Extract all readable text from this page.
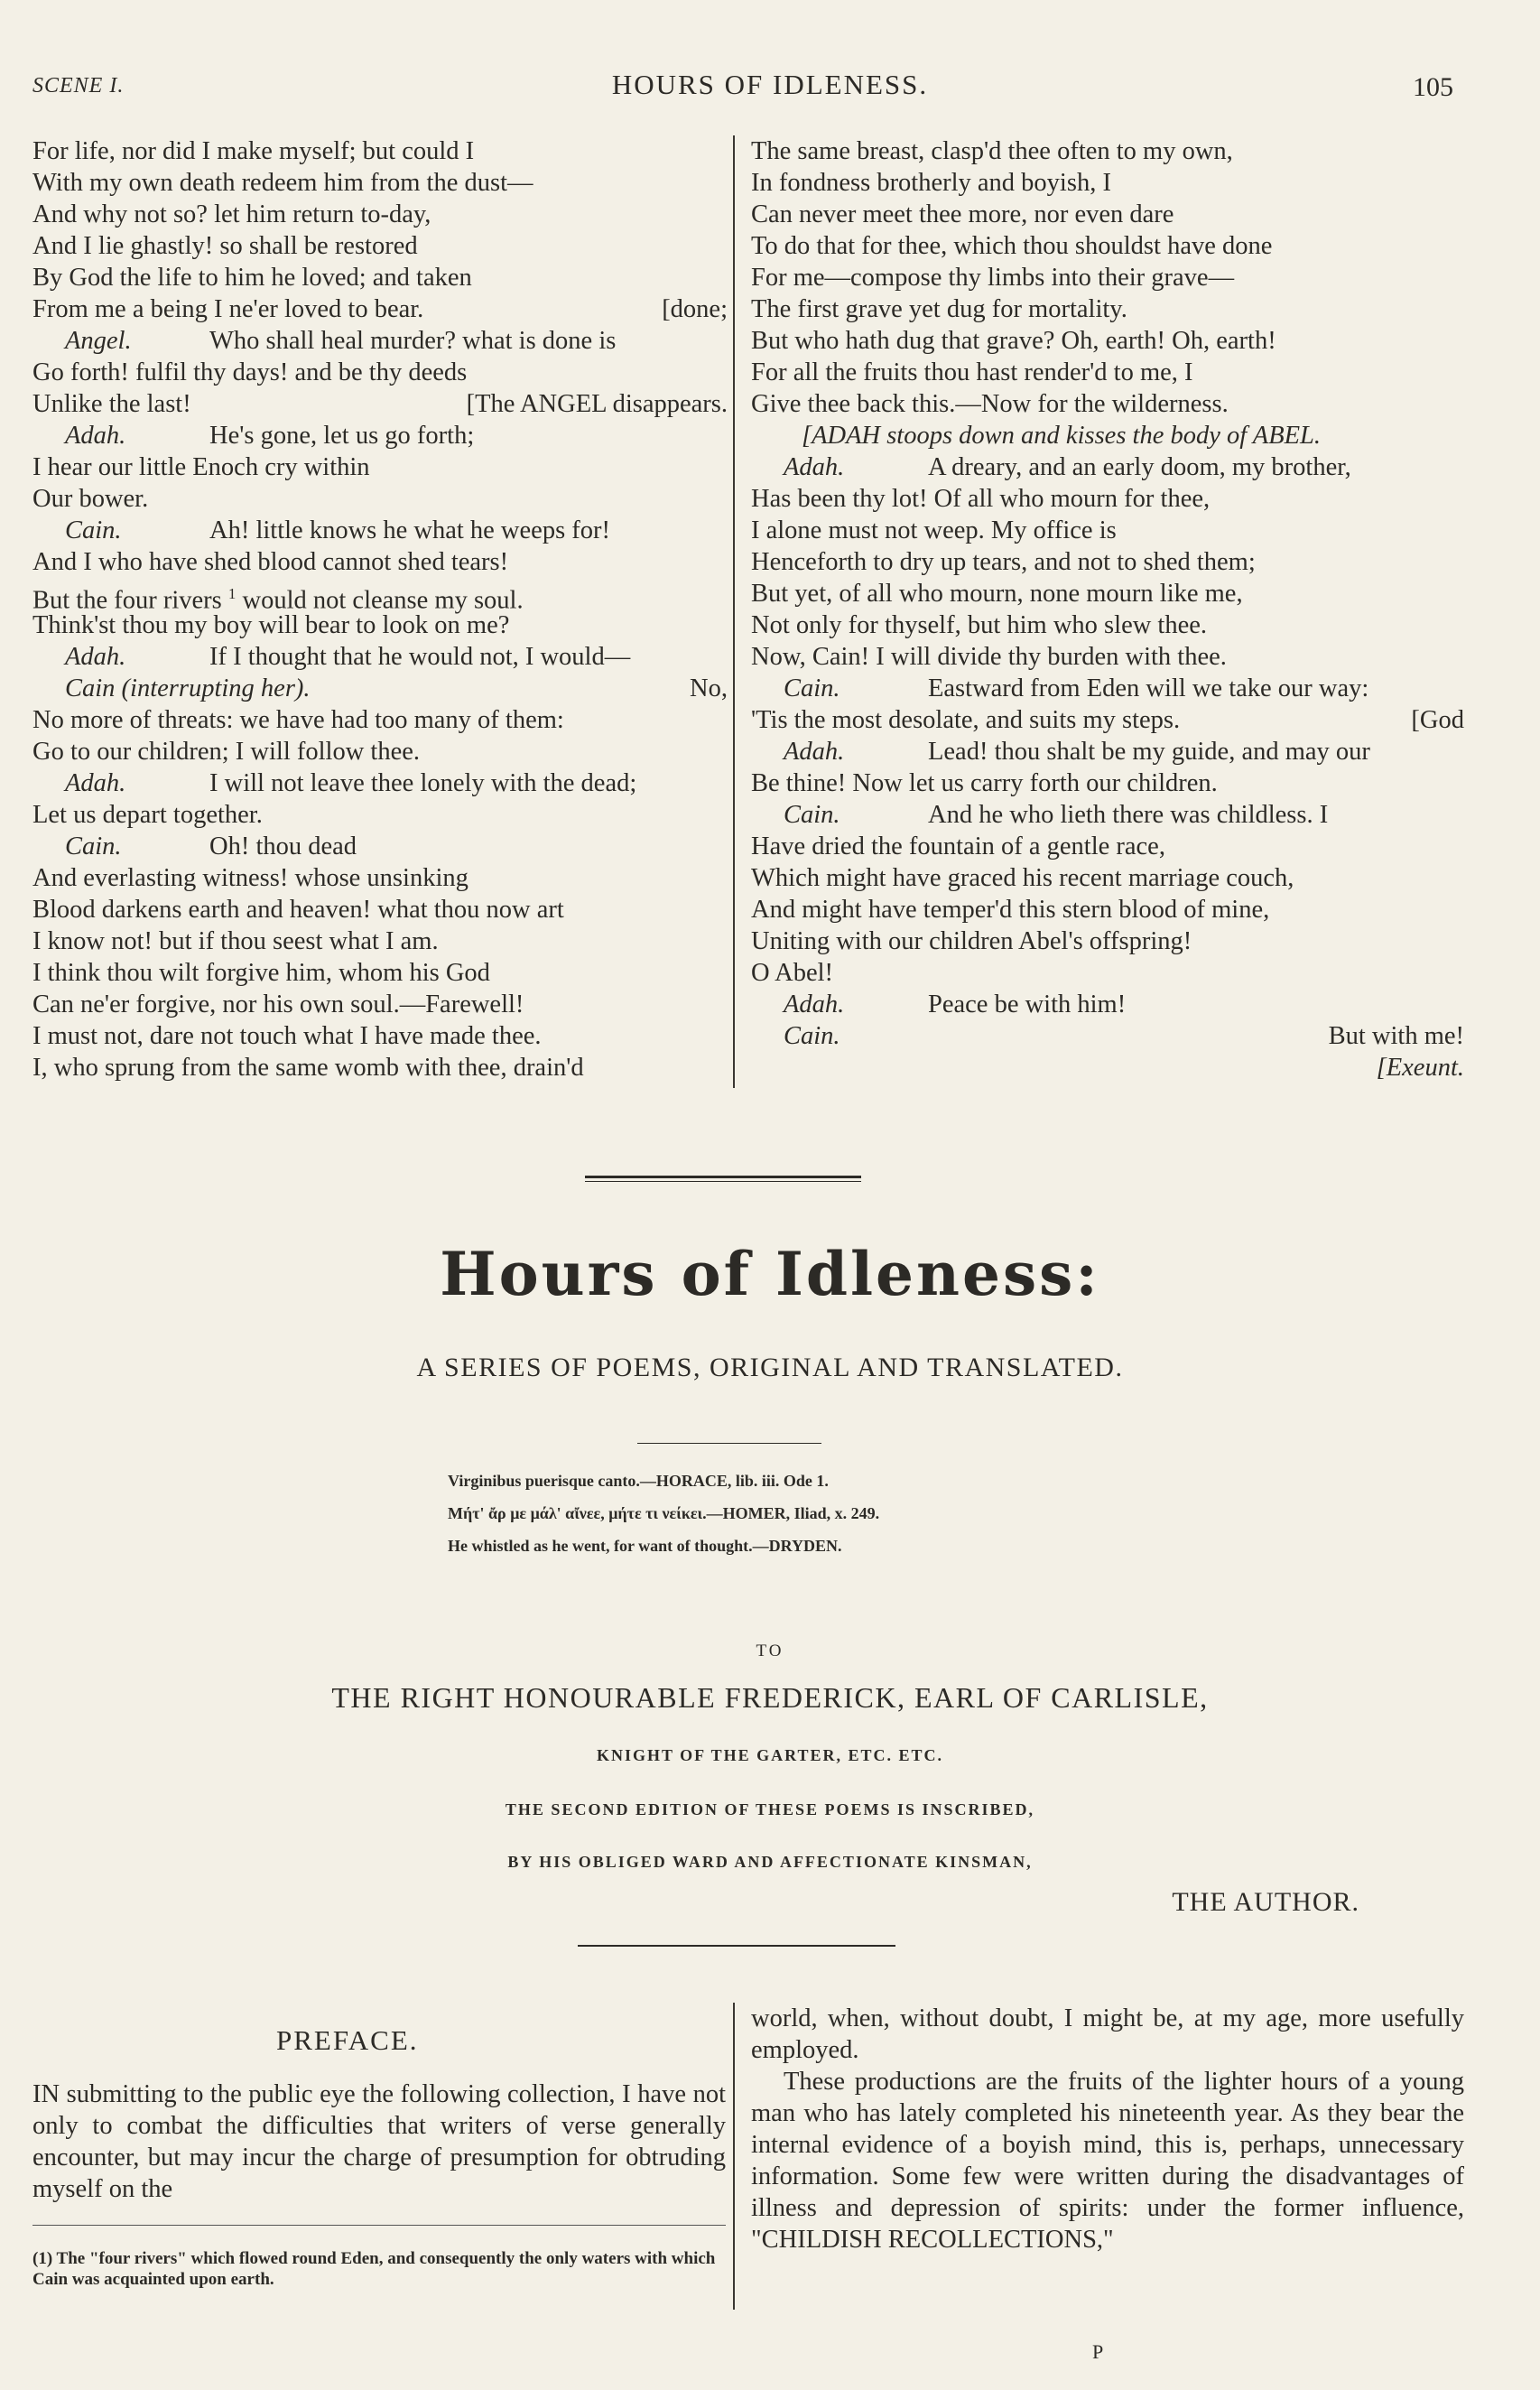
SCENE I.	HOURS OF IDLENESS.	105
For life, nor did I make myself; but could I
With my own death redeem him from the dust—
And why not so? let him return to-day,
And I lie ghastly! so shall be restored
By God the life to him he loved; and taken
From me a being I ne'er loved to bear.	[done;
Angel.	Who shall heal murder? what is done is
Go forth! fulfil thy days! and be thy deeds
Unlike the last!	[The ANGEL disappears.
Adah.	He's gone, let us go forth;
I hear our little Enoch cry within
Our bower.
Cain.	Ah! little knows he what he weeps for!
And I who have shed blood cannot shed tears!
But the four rivers $^1$ would not cleanse my soul.
Think'st thou my boy will bear to look on me?
Adah.	If I thought that he would not, I would—
Cain (interrupting her).	No,
No more of threats: we have had too many of them:
Go to our children; I will follow thee.
Adah.	I will not leave thee lonely with the dead;
Let us depart together.
Cain.	Oh! thou dead
And everlasting witness! whose unsinking
Blood darkens earth and heaven! what thou now art
I know not! but if thou seest what I am.
I think thou wilt forgive him, whom his God
Can ne'er forgive, nor his own soul.—Farewell!
I must not, dare not touch what I have made thee.
I, who sprung from the same womb with thee, drain'd
The same breast, clasp'd thee often to my own,
In fondness brotherly and boyish, I
Can never meet thee more, nor even dare
To do that for thee, which thou shouldst have done
For me—compose thy limbs into their grave—
The first grave yet dug for mortality.
But who hath dug that grave? Oh, earth! Oh, earth!
For all the fruits thou hast render'd to me, I
Give thee back this.—Now for the wilderness.
[ADAH stoops down and kisses the body of ABEL.
Adah.	A dreary, and an early doom, my brother,
Has been thy lot! Of all who mourn for thee,
I alone must not weep. My office is
Henceforth to dry up tears, and not to shed them;
But yet, of all who mourn, none mourn like me,
Not only for thyself, but him who slew thee.
Now, Cain! I will divide thy burden with thee.
Cain.	Eastward from Eden will we take our way:
'Tis the most desolate, and suits my steps.	[God
Adah.	Lead! thou shalt be my guide, and may our
Be thine! Now let us carry forth our children.
Cain.	And he who lieth there was childless. I
Have dried the fountain of a gentle race,
Which might have graced his recent marriage couch,
And might have temper'd this stern blood of mine,
Uniting with our children Abel's offspring!
O Abel!
Adah.	Peace be with him!
Cain.	But with me!
[Exeunt.
Hours of Idleness:
A SERIES OF POEMS, ORIGINAL AND TRANSLATED.
Virginibus puerisque canto.—HORACE, lib. iii. Ode 1.
Μήτ' ἄρ με μάλ' αἴνεε, μήτε τι νείκει.—HOMER, Iliad, x. 249.
He whistled as he went, for want of thought.—DRYDEN.
TO
THE RIGHT HONOURABLE FREDERICK, EARL OF CARLISLE,
KNIGHT OF THE GARTER, ETC. ETC.
THE SECOND EDITION OF THESE POEMS IS INSCRIBED,
BY HIS OBLIGED WARD AND AFFECTIONATE KINSMAN,
THE AUTHOR.
PREFACE.
IN submitting to the public eye the following collection, I have not only to combat the difficulties that writers of verse generally encounter, but may incur the charge of presumption for obtruding myself on the
world, when, without doubt, I might be, at my age, more usefully employed.
These productions are the fruits of the lighter hours of a young man who has lately completed his nineteenth year. As they bear the internal evidence of a boyish mind, this is, perhaps, unnecessary information. Some few were written during the disadvantages of illness and depression of spirits: under the former influence, "CHILDISH RECOLLECTIONS,"
(1) The "four rivers" which flowed round Eden, and consequently the only waters with which Cain was acquainted upon earth.
P
